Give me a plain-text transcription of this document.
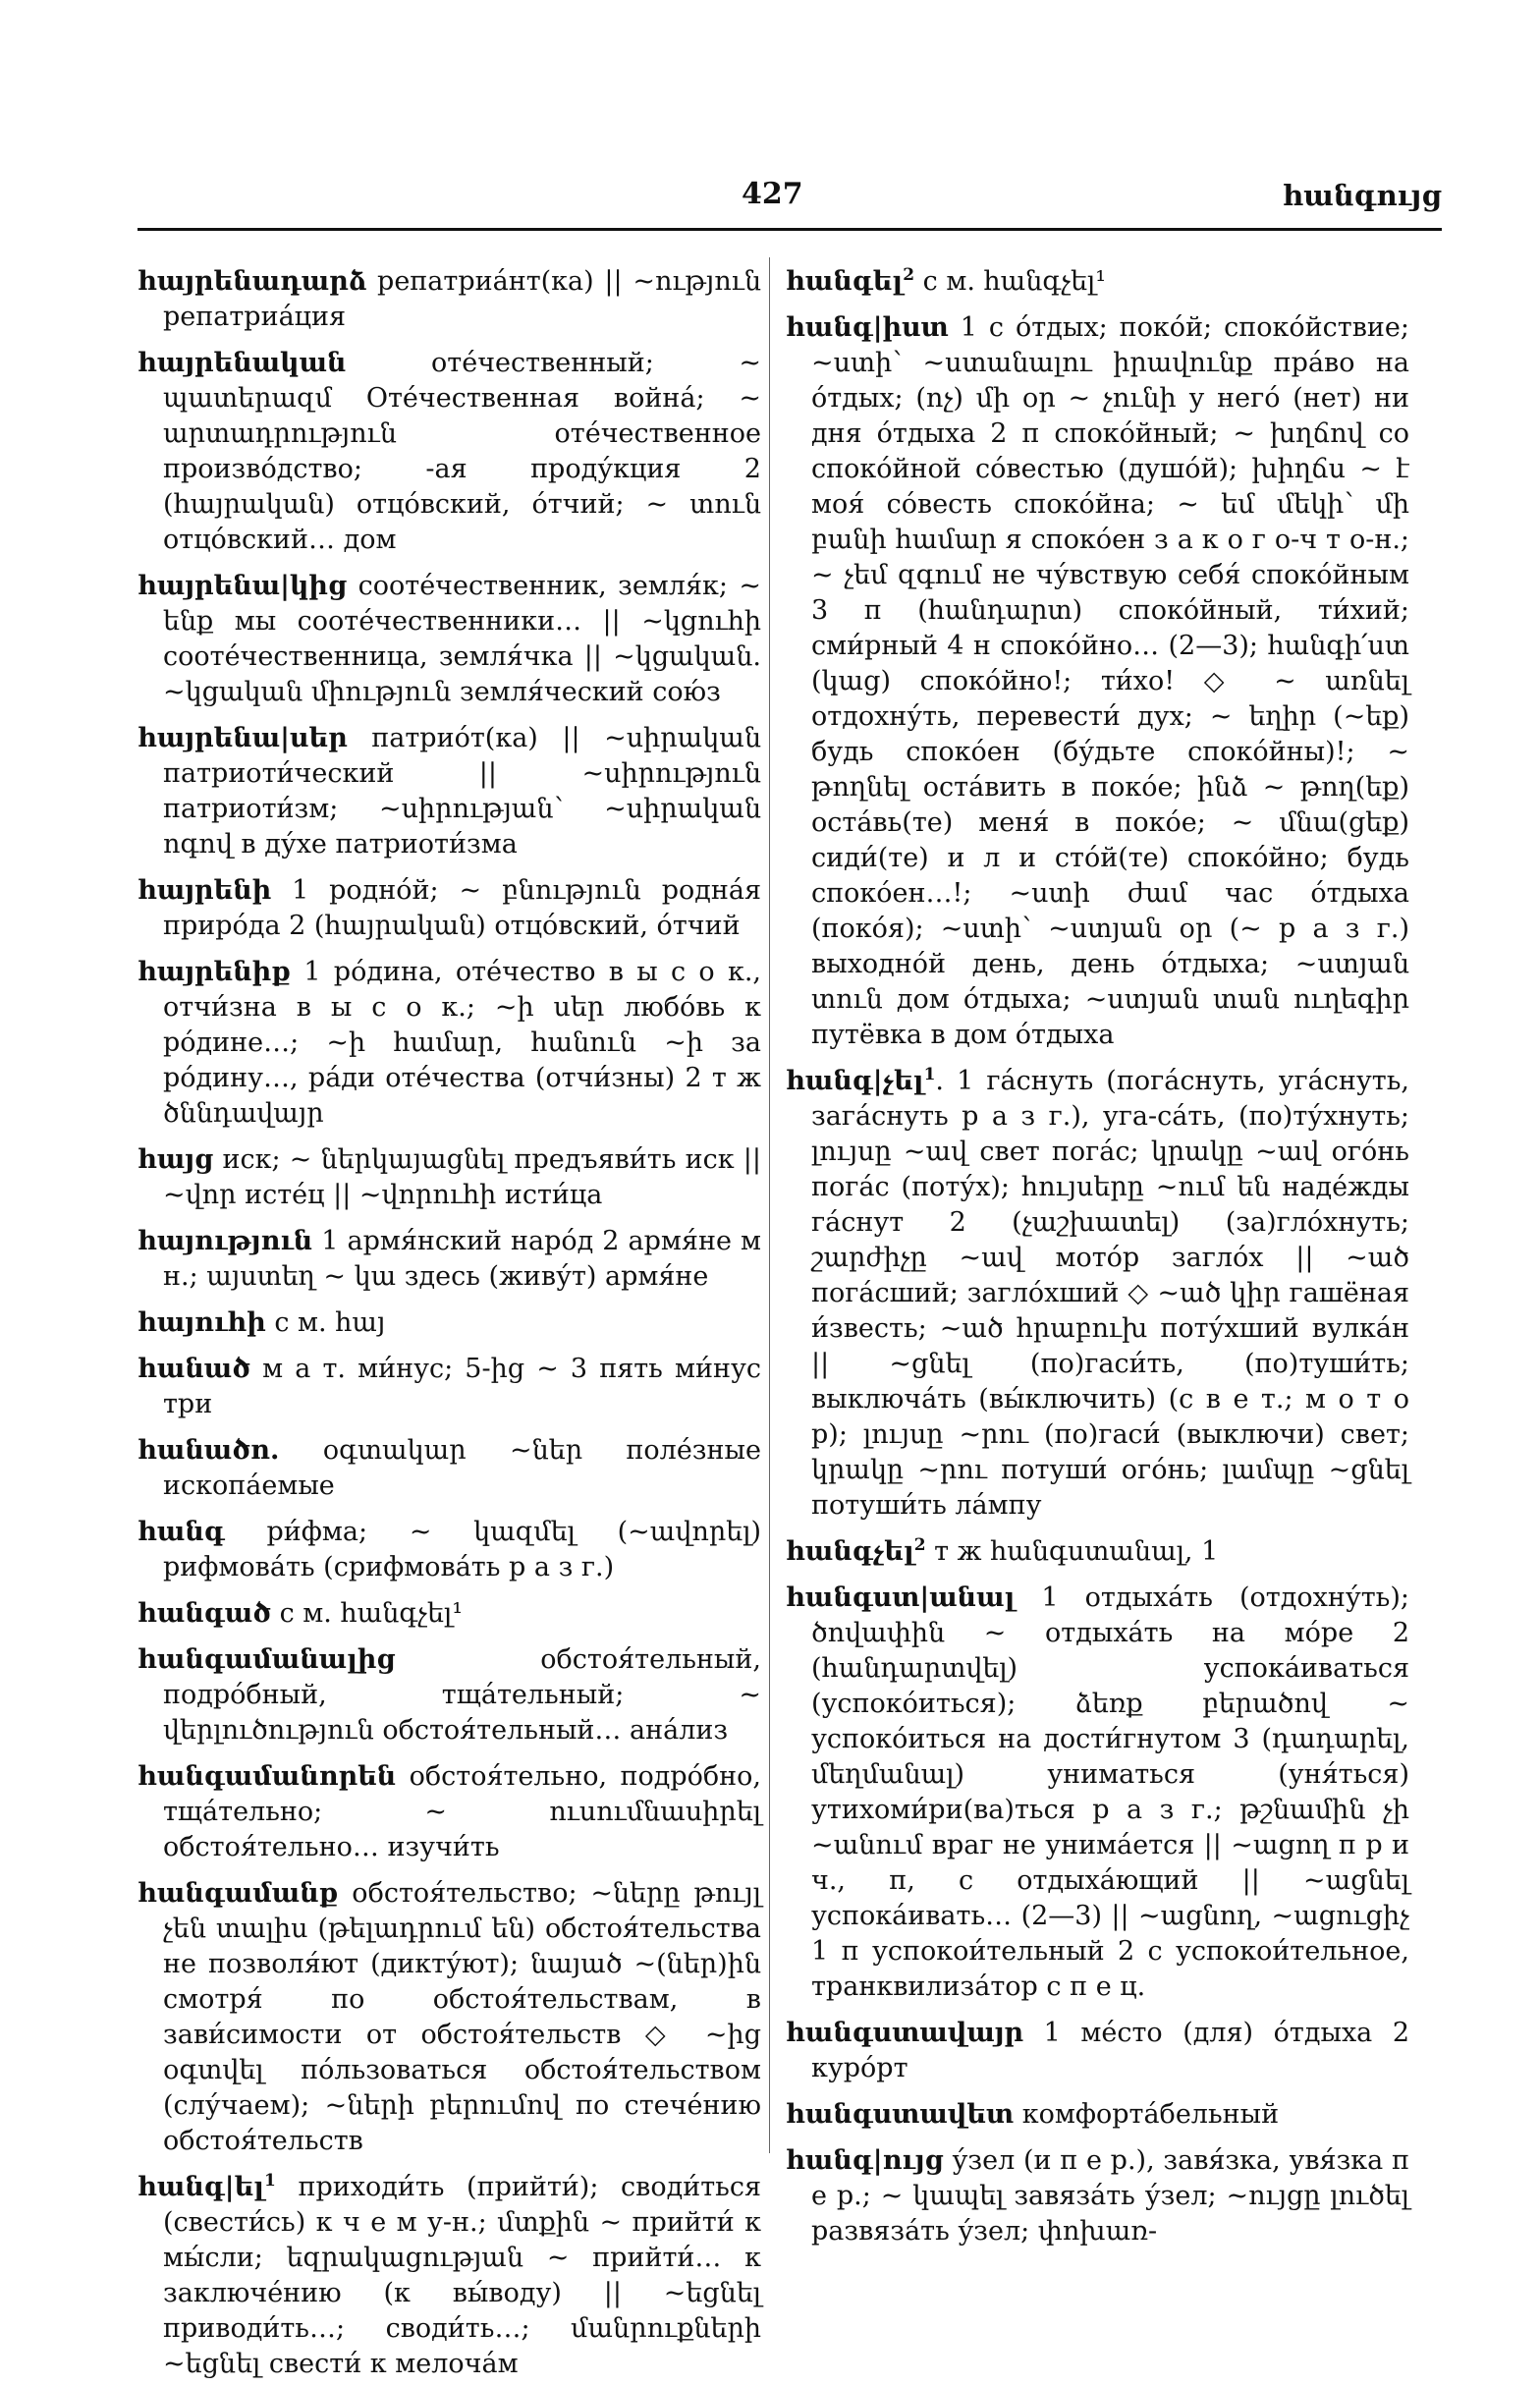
427	հանգույց

հայրենադարձ репатриа́нт(ка) || ~ություն репатриа́ция

հայրենական оте́чественный; ~ պատերազմ Оте́чественная война́; ~ արտադրություն оте́чественное произво́дство; -ая проду́кция 2 (հայրական) отцо́вский, о́тчий; ~ տուն отцо́вский… дом

հայրենա|կից сооте́чественник, земля́к; ~ ենք мы сооте́чественники… || ~կցուհի сооте́чественница, земля́чка || ~կցական. ~կցական միություն земля́ческий сою́з

հայրենա|սեր патрио́т(ка) || ~սիրական патриоти́ческий || ~սիրություն патриоти́зм; ~սիրության՝ ~սիրական ոգով в ду́хе патриоти́зма

հայրենի 1 родно́й; ~ բնություն родна́я приро́да 2 (հայրական) отцо́вский, о́тчий

հայրենիք 1 ро́дина, оте́чество в ы с о к., отчи́зна в ы с о к.; ~ի սեր любо́вь к ро́дине…; ~ի համար, հանուն ~ի за ро́дину…, ра́ди оте́чества (отчи́зны) 2 т ж ծննդավայր

հայց иск; ~ ներկայացնել предъяви́ть иск || ~վոր исте́ц || ~վորուհի исти́ца

հայություն 1 армя́нский наро́д 2 армя́не м н.; այստեղ ~ կա здесь (живу́т) армя́не

հայուհի с м. հայ

հանած м а т. ми́нус; 5-ից ~ 3 пять ми́нус три

հանածո. օգտակար ~ներ поле́зные ископа́емые

հանգ ри́фма; ~ կազմել (~ավորել) рифмова́ть (срифмова́ть р а з г.)

հանգած с м. հանգչել¹

հանգամանալից обстоя́тельный, подро́бный, тща́тельный; ~ վերլուծություն обстоя́тельный… ана́лиз

հանգամանորեն обстоя́тельно, подро́бно, тща́тельно; ~ ուսումնասիրել обстоя́тельно… изучи́ть

հանգամանք обстоя́тельство; ~ները թույլ չեն տալիս (թելադրում են) обстоя́тельства не позволя́ют (дикту́ют); նայած ~(ներ)ին смотря́ по обстоя́тельствам, в зави́симости от обстоя́тельств ◇ ~ից օգտվել по́льзоваться обстоя́тельством (слу́чаем); ~ների բերումով по стече́нию обстоя́тельств

հանգ|ել$^1$ приходи́ть (прийти́); своди́ться (свести́сь) к ч е м у-н.; մտքին ~ прийти́ к мы́сли; եզրակացության ~ прийти́… к заключе́нию (к вы́воду) || ~եցնել приводи́ть…; своди́ть…; մանրուքների ~եցնել свести́ к мелоча́м

հանգել$^2$ с м. հանգչել¹

հանգ|իստ 1 с о́тдых; поко́й; споко́йствие; ~ստի՝ ~ստանալու իրավունք пра́во на о́тдых; (ոչ) մի օր ~ չունի у него́ (нет) ни дня о́тдыха 2 п споко́йный; ~ խղճով со споко́йной со́вестью (душо́й); խիղճս ~ է моя́ со́весть споко́йна; ~ եմ մեկի՝ մի բանի համար я споко́ен з а к о г о-ч т о-н.; ~ չեմ զգում не чу́вствую себя́ споко́йным 3 п (հանդարտ) споко́йный, ти́хий; сми́рный 4 н споко́йно… (2—3); հանգի՛ստ (կաց) споко́йно!; ти́хо! ◇ ~ առնել отдохну́ть, перевести́ дух; ~ եղիր (~եք) будь споко́ен (бу́дьте споко́йны)!; ~ թողնել оста́вить в поко́е; ինձ ~ թող(եք) оста́вь(те) меня́ в поко́е; ~ մնա(ցեք) сиди́(те) и л и сто́й(те) споко́йно; будь споко́ен…!; ~ստի ժամ час о́тдыха (поко́я); ~ստի՝ ~ստյան օր (~ р а з г.) выходно́й день, день о́тдыха; ~ստյան տուն дом о́тдыха; ~ստյան տան ուղեգիր путёвка в дом о́тдыха

հանգ|չել$^1$. 1 га́снуть (пога́снуть, уга́снуть, зага́снуть р а з г.), уга-са́ть, (по)ту́хнуть; լույսը ~ավ свет пога́с; կրակը ~ավ ого́нь пога́с (поту́х); հույսերը ~ում են наде́жды га́снут 2 (չաշխատել) (за)гло́хнуть; շարժիչը ~ավ мото́р загло́х || ~ած пога́сший; загло́хший ◇ ~ած կիր гашёная и́звесть; ~ած հրաբուխ поту́хший вулка́н || ~ցնել (по)гаси́ть, (по)туши́ть; выключа́ть (вы́ключить) (с в е т.; м о т о р); լույսը ~րու (по)гаси́ (выключи) свет; կրակը ~րու потуши́ ого́нь; լամպը ~ցնել потуши́ть ла́мпу

հանգչել$^2$ т ж հանգստանալ, 1

հանգստ|անալ 1 отдыха́ть (отдохну́ть); ծովափին ~ отдыха́ть на мо́ре 2 (հանդարտվել) успока́иваться (успоко́иться); ձեռք բերածով ~ успоко́иться на дости́гнутом 3 (դադարել, մեղմանալ) униматься (уня́ться) утихоми́ри(ва)ться р а з г.; թշնամին չի ~անում враг не унима́ется || ~ացող п р и ч., п, с отдыха́ющий || ~ացնել успока́ивать… (2—3) || ~ացնող, ~ացուցիչ 1 п успокои́тельный 2 с успокои́тельное, транквилиза́тор с п е ц.

հանգստավայր 1 ме́сто (для) о́тдыха 2 куро́рт

հանգստավետ комфорта́бельный

հանգ|ույց у́зел (и п е р.), завя́зка, увя́зка п е р.; ~ կապել завяза́ть у́зел; ~ույցը լուծել развяза́ть у́зел; փոխառ-
